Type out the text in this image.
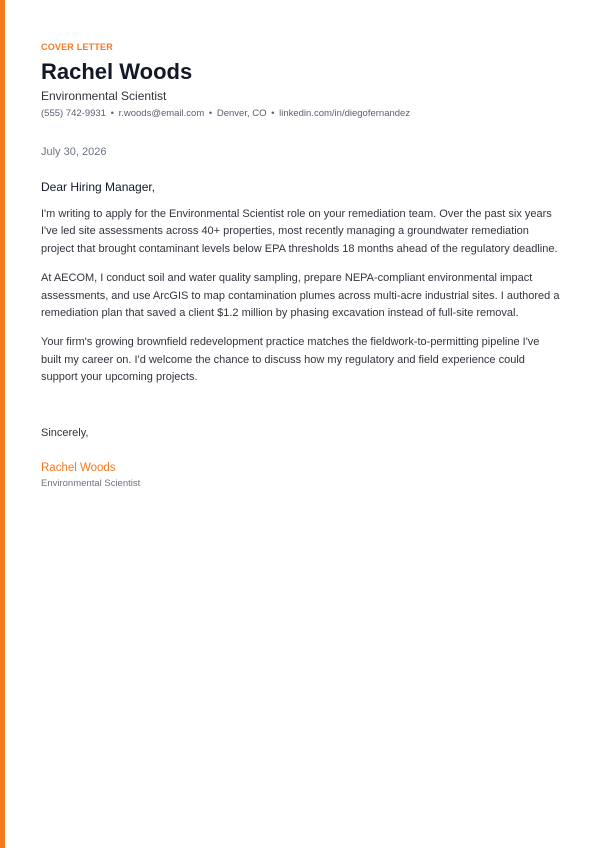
COVER LETTER
Rachel Woods
Environmental Scientist
(555) 742-9931 • r.woods@email.com • Denver, CO • linkedin.com/in/diegofernandez
July 30, 2026
Dear Hiring Manager,

I'm writing to apply for the Environmental Scientist role on your remediation team. Over the past six years I've led site assessments across 40+ properties, most recently managing a groundwater remediation project that brought contaminant levels below EPA thresholds 18 months ahead of the regulatory deadline.

At AECOM, I conduct soil and water quality sampling, prepare NEPA-compliant environmental impact assessments, and use ArcGIS to map contamination plumes across multi-acre industrial sites. I authored a remediation plan that saved a client $1.2 million by phasing excavation instead of full-site removal.

Your firm's growing brownfield redevelopment practice matches the fieldwork-to-permitting pipeline I've built my career on. I'd welcome the chance to discuss how my regulatory and field experience could support your upcoming projects.

Sincerely,
Rachel Woods
Environmental Scientist
